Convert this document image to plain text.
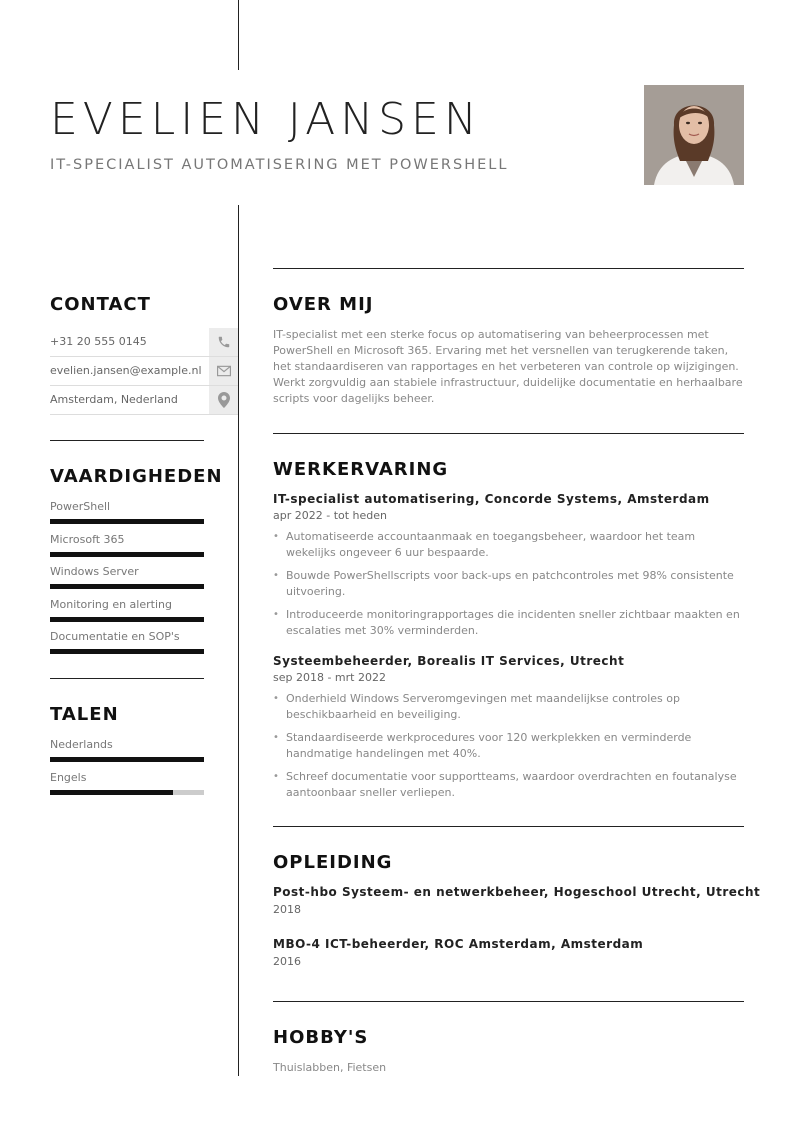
EVELIEN JANSEN
IT-SPECIALIST AUTOMATISERING MET POWERSHELL
CONTACT
+31 20 555 0145
evelien.jansen@example.nl
Amsterdam, Nederland
VAARDIGHEDEN
PowerShell
Microsoft 365
Windows Server
Monitoring en alerting
Documentatie en SOP's
TALEN
Nederlands
Engels
OVER MIJ

IT-specialist met een sterke focus op automatisering van beheerprocessen met PowerShell en Microsoft 365. Ervaring met het versnellen van terugkerende taken, het standaardiseren van rapportages en het verbeteren van controle op wijzigingen. Werkt zorgvuldig aan stabiele infrastructuur, duidelijke documentatie en herhaalbare scripts voor dagelijks beheer.

WERKERVARING
IT-specialist automatisering, Concorde Systems, Amsterdam
apr 2022 - tot heden
• Automatiseerde accountaanmaak en toegangsbeheer, waardoor het team wekelijks ongeveer 6 uur bespaarde.
• Bouwde PowerShellscripts voor back-ups en patchcontroles met 98% consistente uitvoering.
• Introduceerde monitoringrapportages die incidenten sneller zichtbaar maakten en escalaties met 30% verminderden.
Systeembeheerder, Borealis IT Services, Utrecht
sep 2018 - mrt 2022
• Onderhield Windows Serveromgevingen met maandelijkse controles op beschikbaarheid en beveiliging.
• Standaardiseerde werkprocedures voor 120 werkplekken en verminderde handmatige handelingen met 40%.
• Schreef documentatie voor supportteams, waardoor overdrachten en foutanalyse aantoonbaar sneller verliepen.
OPLEIDING
Post-hbo Systeem- en netwerkbeheer, Hogeschool Utrecht, Utrecht
2018
MBO-4 ICT-beheerder, ROC Amsterdam, Amsterdam
2016
HOBBY'S

Thuislabben, Fietsen
